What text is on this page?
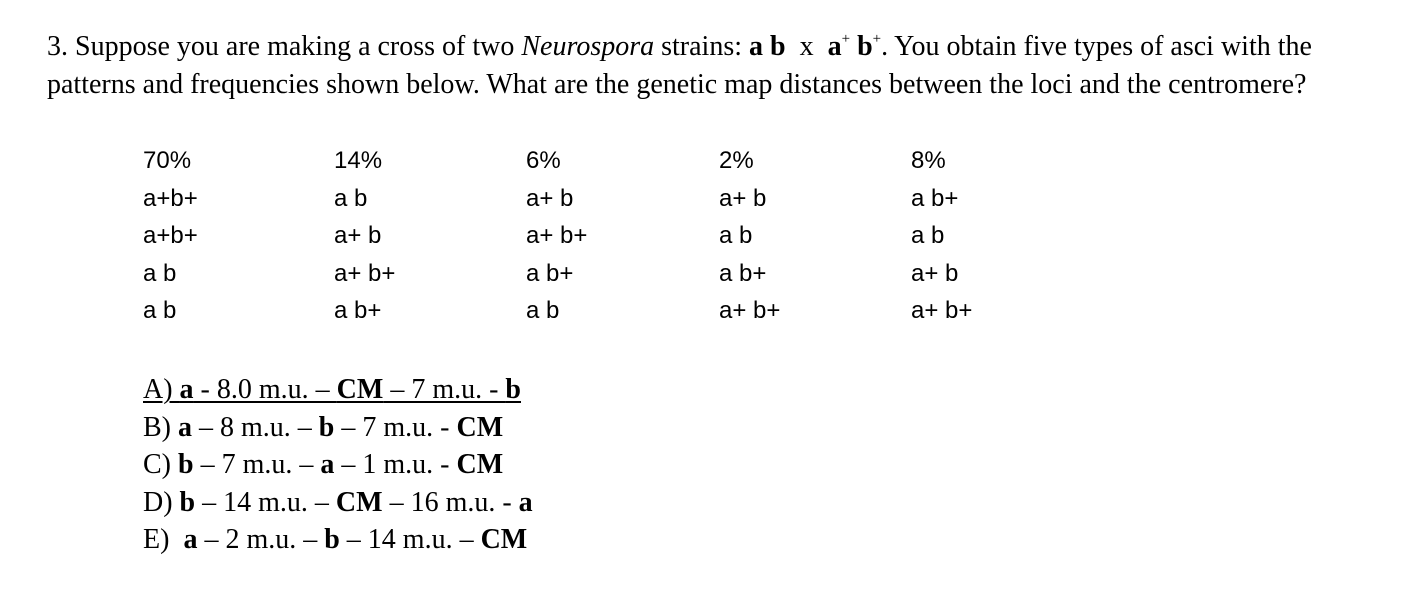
3. Suppose you are making a cross of two Neurospora strains: a b x a+ b+. You obtain five types of asci with the patterns and frequencies shown below. What are the genetic map distances between the loci and the centromere?

70%
a+b+
a+b+
a b
a b
14%
a b
a+ b
a+ b+
a b+
6%
a+ b
a+ b+
a b+
a b
2%
a+ b
a b
a b+
a+ b+
8%
a b+
a b
a+ b
a+ b+
A) a - 8.0 m.u. – CM – 7 m.u. - b
B) a – 8 m.u. – b – 7 m.u. - CM
C) b – 7 m.u. – a – 1 m.u. - CM
D) b – 14 m.u. – CM – 16 m.u. - a
E)  a – 2 m.u. – b – 14 m.u. – CM
